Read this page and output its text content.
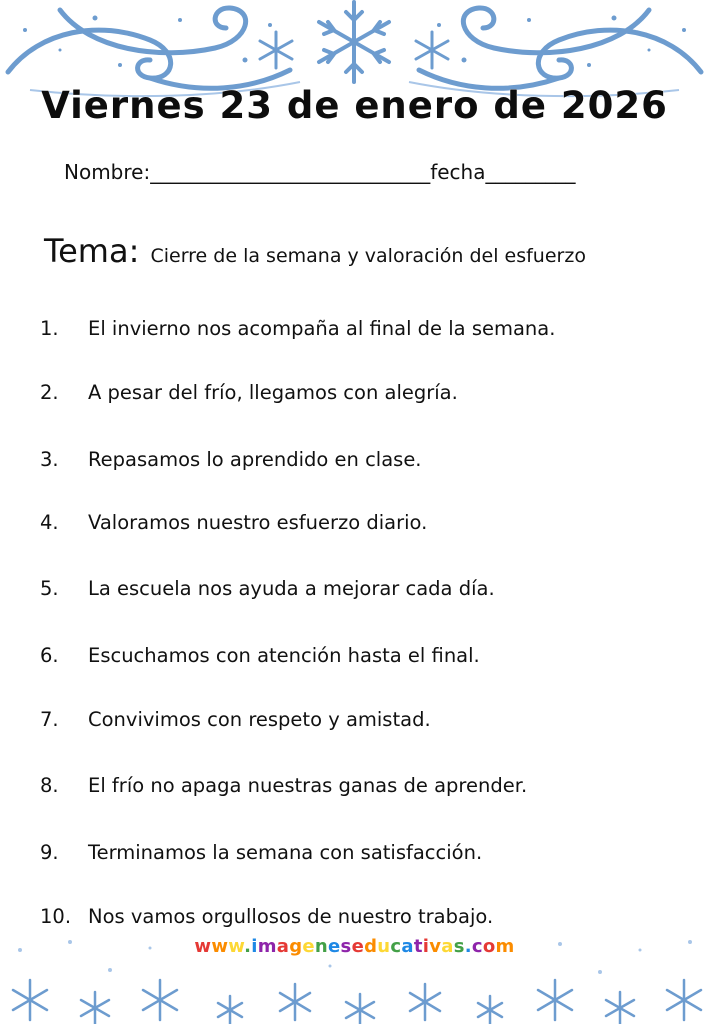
Viernes 23 de enero de 2026
Nombre:____________________________fecha_________
Tema: Cierre de la semana y valoración del esfuerzo
1. El invierno nos acompaña al final de la semana.
2. A pesar del frío, llegamos con alegría.
3. Repasamos lo aprendido en clase.
4. Valoramos nuestro esfuerzo diario.
5. La escuela nos ayuda a mejorar cada día.
6. Escuchamos con atención hasta el final.
7. Convivimos con respeto y amistad.
8. El frío no apaga nuestras ganas de aprender.
9. Terminamos la semana con satisfacción.
10. Nos vamos orgullosos de nuestro trabajo.
www.imageneseducativas.com
